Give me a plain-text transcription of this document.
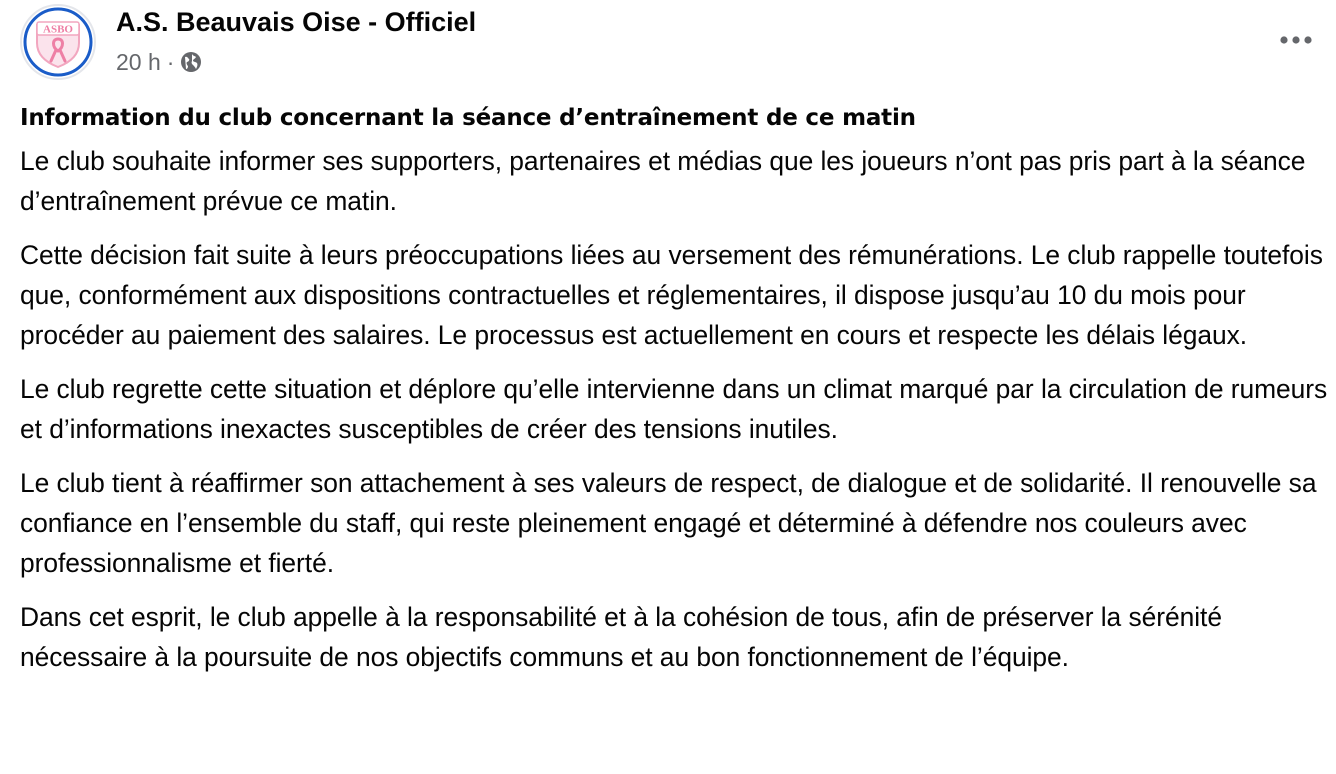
ASBO A.S. Beauvais Oise - Officiel
20 h ·
Information du club concernant la séance d’entraînement de ce matin

Le club souhaite informer ses supporters, partenaires et médias que les joueurs n’ont pas pris part à la séance d’entraînement prévue ce matin.

Cette décision fait suite à leurs préoccupations liées au versement des rémunérations. Le club rappelle toutefois que, conformément aux dispositions contractuelles et réglementaires, il dispose jusqu’au 10 du mois pour procéder au paiement des salaires. Le processus est actuellement en cours et respecte les délais légaux.

Le club regrette cette situation et déplore qu’elle intervienne dans un climat marqué par la circulation de rumeurs et d’informations inexactes susceptibles de créer des tensions inutiles.

Le club tient à réaffirmer son attachement à ses valeurs de respect, de dialogue et de solidarité. Il renouvelle sa confiance en l’ensemble du staff, qui reste pleinement engagé et déterminé à défendre nos couleurs avec professionnalisme et fierté.

Dans cet esprit, le club appelle à la responsabilité et à la cohésion de tous, afin de préserver la sérénité nécessaire à la poursuite de nos objectifs communs et au bon fonctionnement de l’équipe.
